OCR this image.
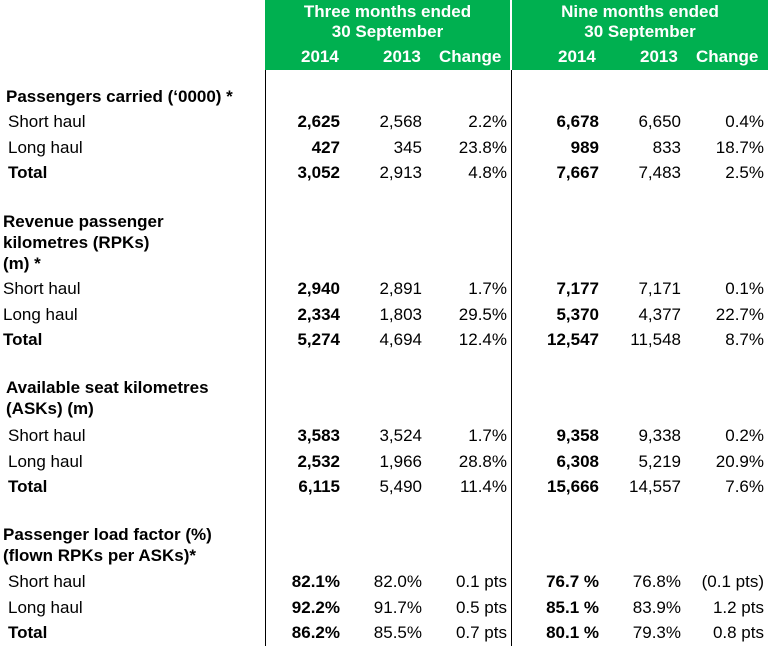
Three months ended
30 September
2014	2013 Change
Nine months ended
30 September
2014	2013 Change
Passengers carried (‘0000) *
Short haul	2,625 2,568	2.2%	6,678 6,650	0.4%
Long haul	427	345 23.8%	989	833 18.7%
Total	3,052 2,913	4.8%	7,667 7,483	2.5%
Revenue passenger
kilometres (RPKs)
(m) *
Short haul	2,940 2,891	1.7%	7,177 7,171	0.1%
Long haul	2,334 1,803 29.5%	5,370 4,377 22.7%
Total	5,274 4,694 12.4% 12,547 11,548	8.7%
Available seat kilometres
(ASKs) (m)
Short haul	3,583 3,524	1.7%	9,358 9,338	0.2%
Long haul	2,532 1,966 28.8%	6,308 5,219 20.9%
Total	6,115 5,490 11.4% 15,666 14,557	7.6%
Passenger load factor (%)
(flown RPKs per ASKs)*
Short haul	82.1% 82.0% 0.1 pts 76.7 % 76.8% (0.1 pts)
Long haul	92.2% 91.7% 0.5 pts 85.1 % 83.9% 1.2 pts
Total	86.2% 85.5% 0.7 pts 80.1 % 79.3% 0.8 pts
